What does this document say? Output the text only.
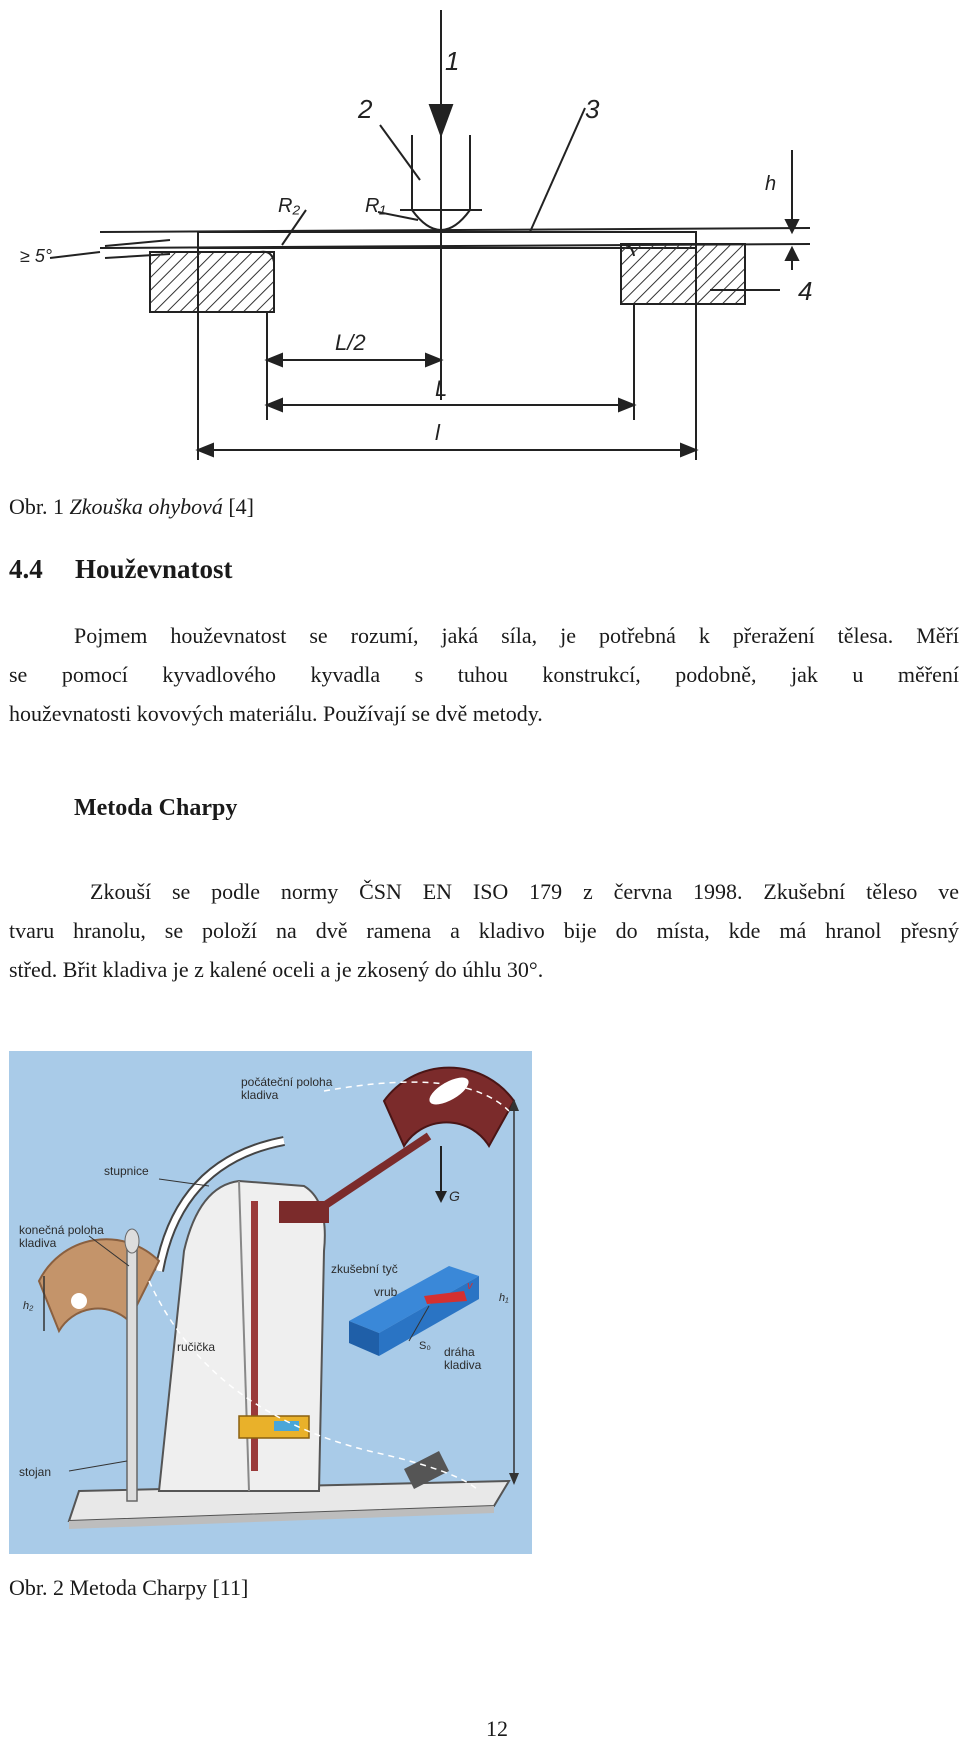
1
2	3
4
h
R₂	R₁
≥ 5°
L/2
L
l
Obr. 1 Zkouška ohybová [4]
4.4 Houževnatost
Pojmem houževnatost se rozumí, jaká síla, je potřebná k přeražení tělesa. Měří
se pomocí kyvadlového kyvadla s tuhou konstrukcí, podobně, jak u měření
houževnatosti kovových materiálu. Používají se dvě metody.
Metoda Charpy
Zkouší se podle normy ČSN EN ISO 179 z června 1998. Zkušební těleso ve
tvaru hranolu, se položí na dvě ramena a kladivo bije do místa, kde má hranol přesný
střed. Břit kladiva je z kalené oceli a je zkosený do úhlu 30°.
počáteční poloha
kladiva
stupnice
konečná poloha
kladiva
zkušební tyč
vrub
ručička	dráha
kladiva
stojan
G
S₀
v
h₁
h₂
Obr. 2 Metoda Charpy [11]
12
